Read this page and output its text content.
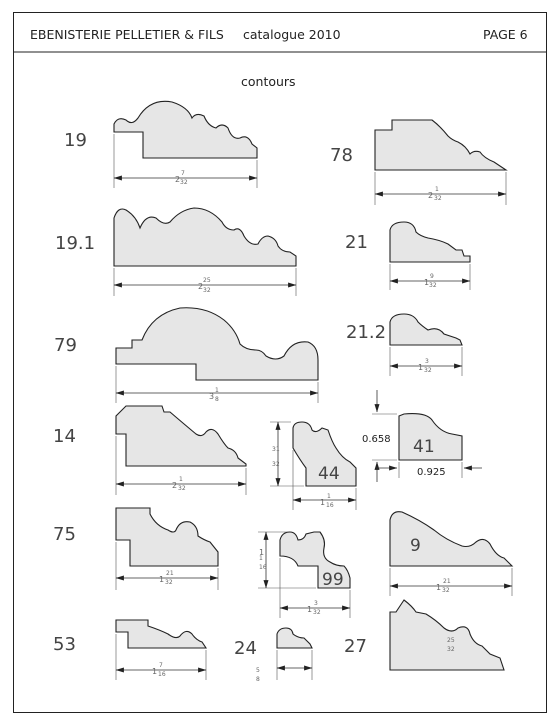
EBENISTERIE PELLETIER & FILS catalogue 2010	PAGE 6
contours
19
2
7
32
78
2
1
32
19.1
2
25
32
21
1
9
32
79
3
1
8
21.2
1
3
32
14
2
1
32
44
31
32
1
1
16
41
0.658
0.925
75
1
21
32	99
1
1
16
1
3
32
9
1
21
32
53
1
7
16
24
5
8
27	25
32
